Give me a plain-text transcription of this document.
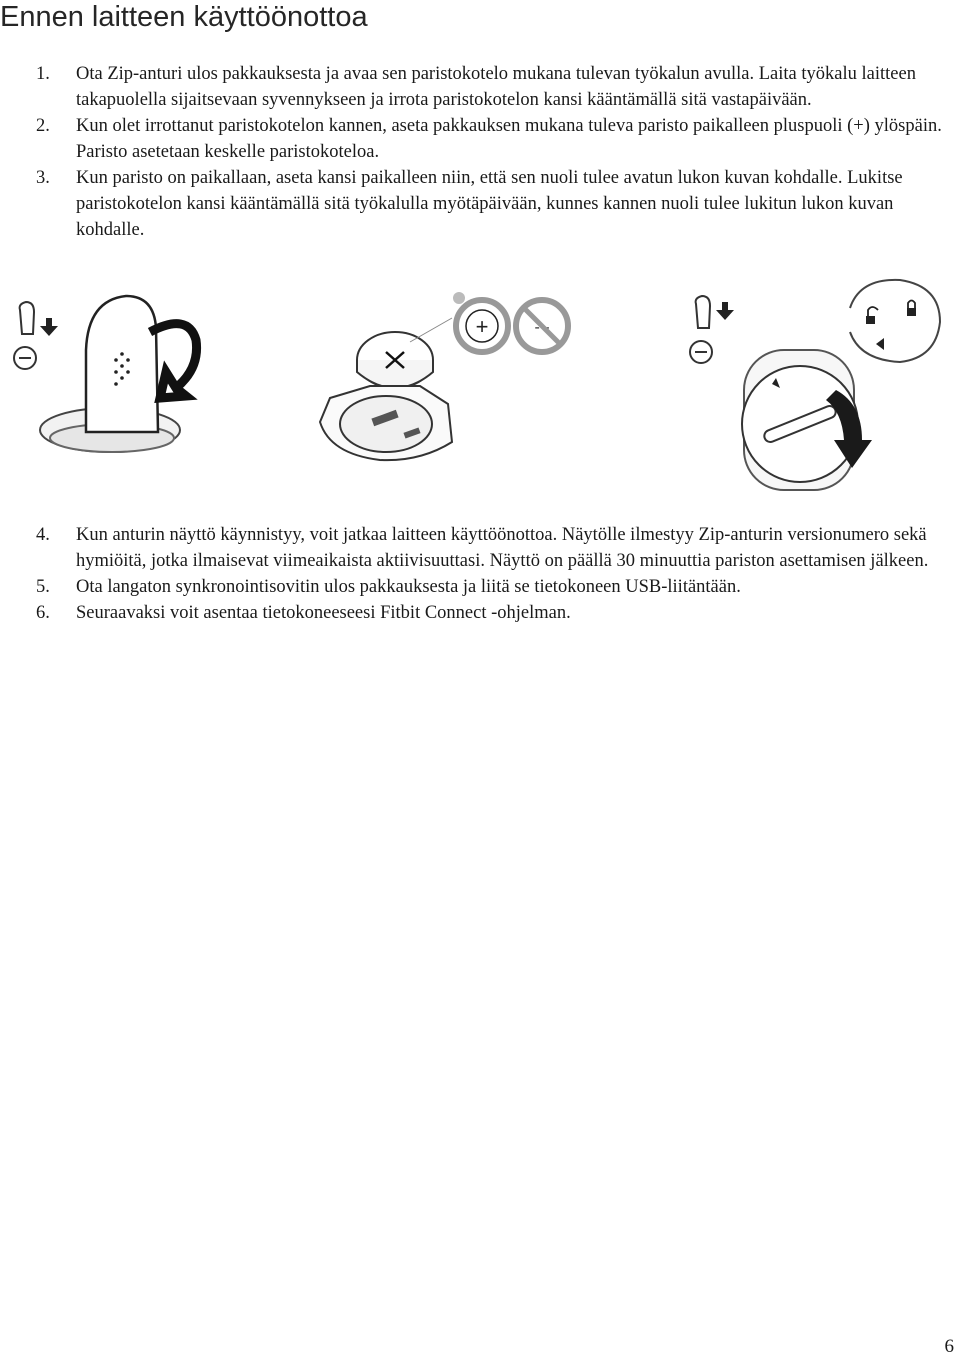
Ennen laitteen käyttöönottoa
1. Ota Zip-anturi ulos pakkauksesta ja avaa sen paristokotelo mukana tulevan työkalun avulla. Laita työkalu laitteen takapuolella sijaitsevaan syvennykseen ja irrota paristokotelon kansi kääntämällä sitä vastapäivään.
2. Kun olet irrottanut paristokotelon kannen, aseta pakkauksen mukana tuleva paristo paikalleen pluspuoli (+) ylöspäin. Paristo asetetaan keskelle paristokoteloa.
3. Kun paristo on paikallaan, aseta kansi paikalleen niin, että sen nuoli tulee avatun lukon kuvan kohdalle. Lukitse paristokotelon kansi kääntämällä sitä työkalulla myötäpäivään, kunnes kannen nuoli tulee lukitun lukon kuvan kohdalle.
+	- -
4. Kun anturin näyttö käynnistyy, voit jatkaa laitteen käyttöönottoa. Näytölle ilmestyy Zip-anturin versionumero sekä hymiöitä, jotka ilmaisevat viimeaikaista aktiivisuuttasi. Näyttö on päällä 30 minuuttia pariston asettamisen jälkeen.
5. Ota langaton synkronointisovitin ulos pakkauksesta ja liitä se tietokoneen USB-liitäntään.
6. Seuraavaksi voit asentaa tietokoneeseesi Fitbit Connect -ohjelman.
6
